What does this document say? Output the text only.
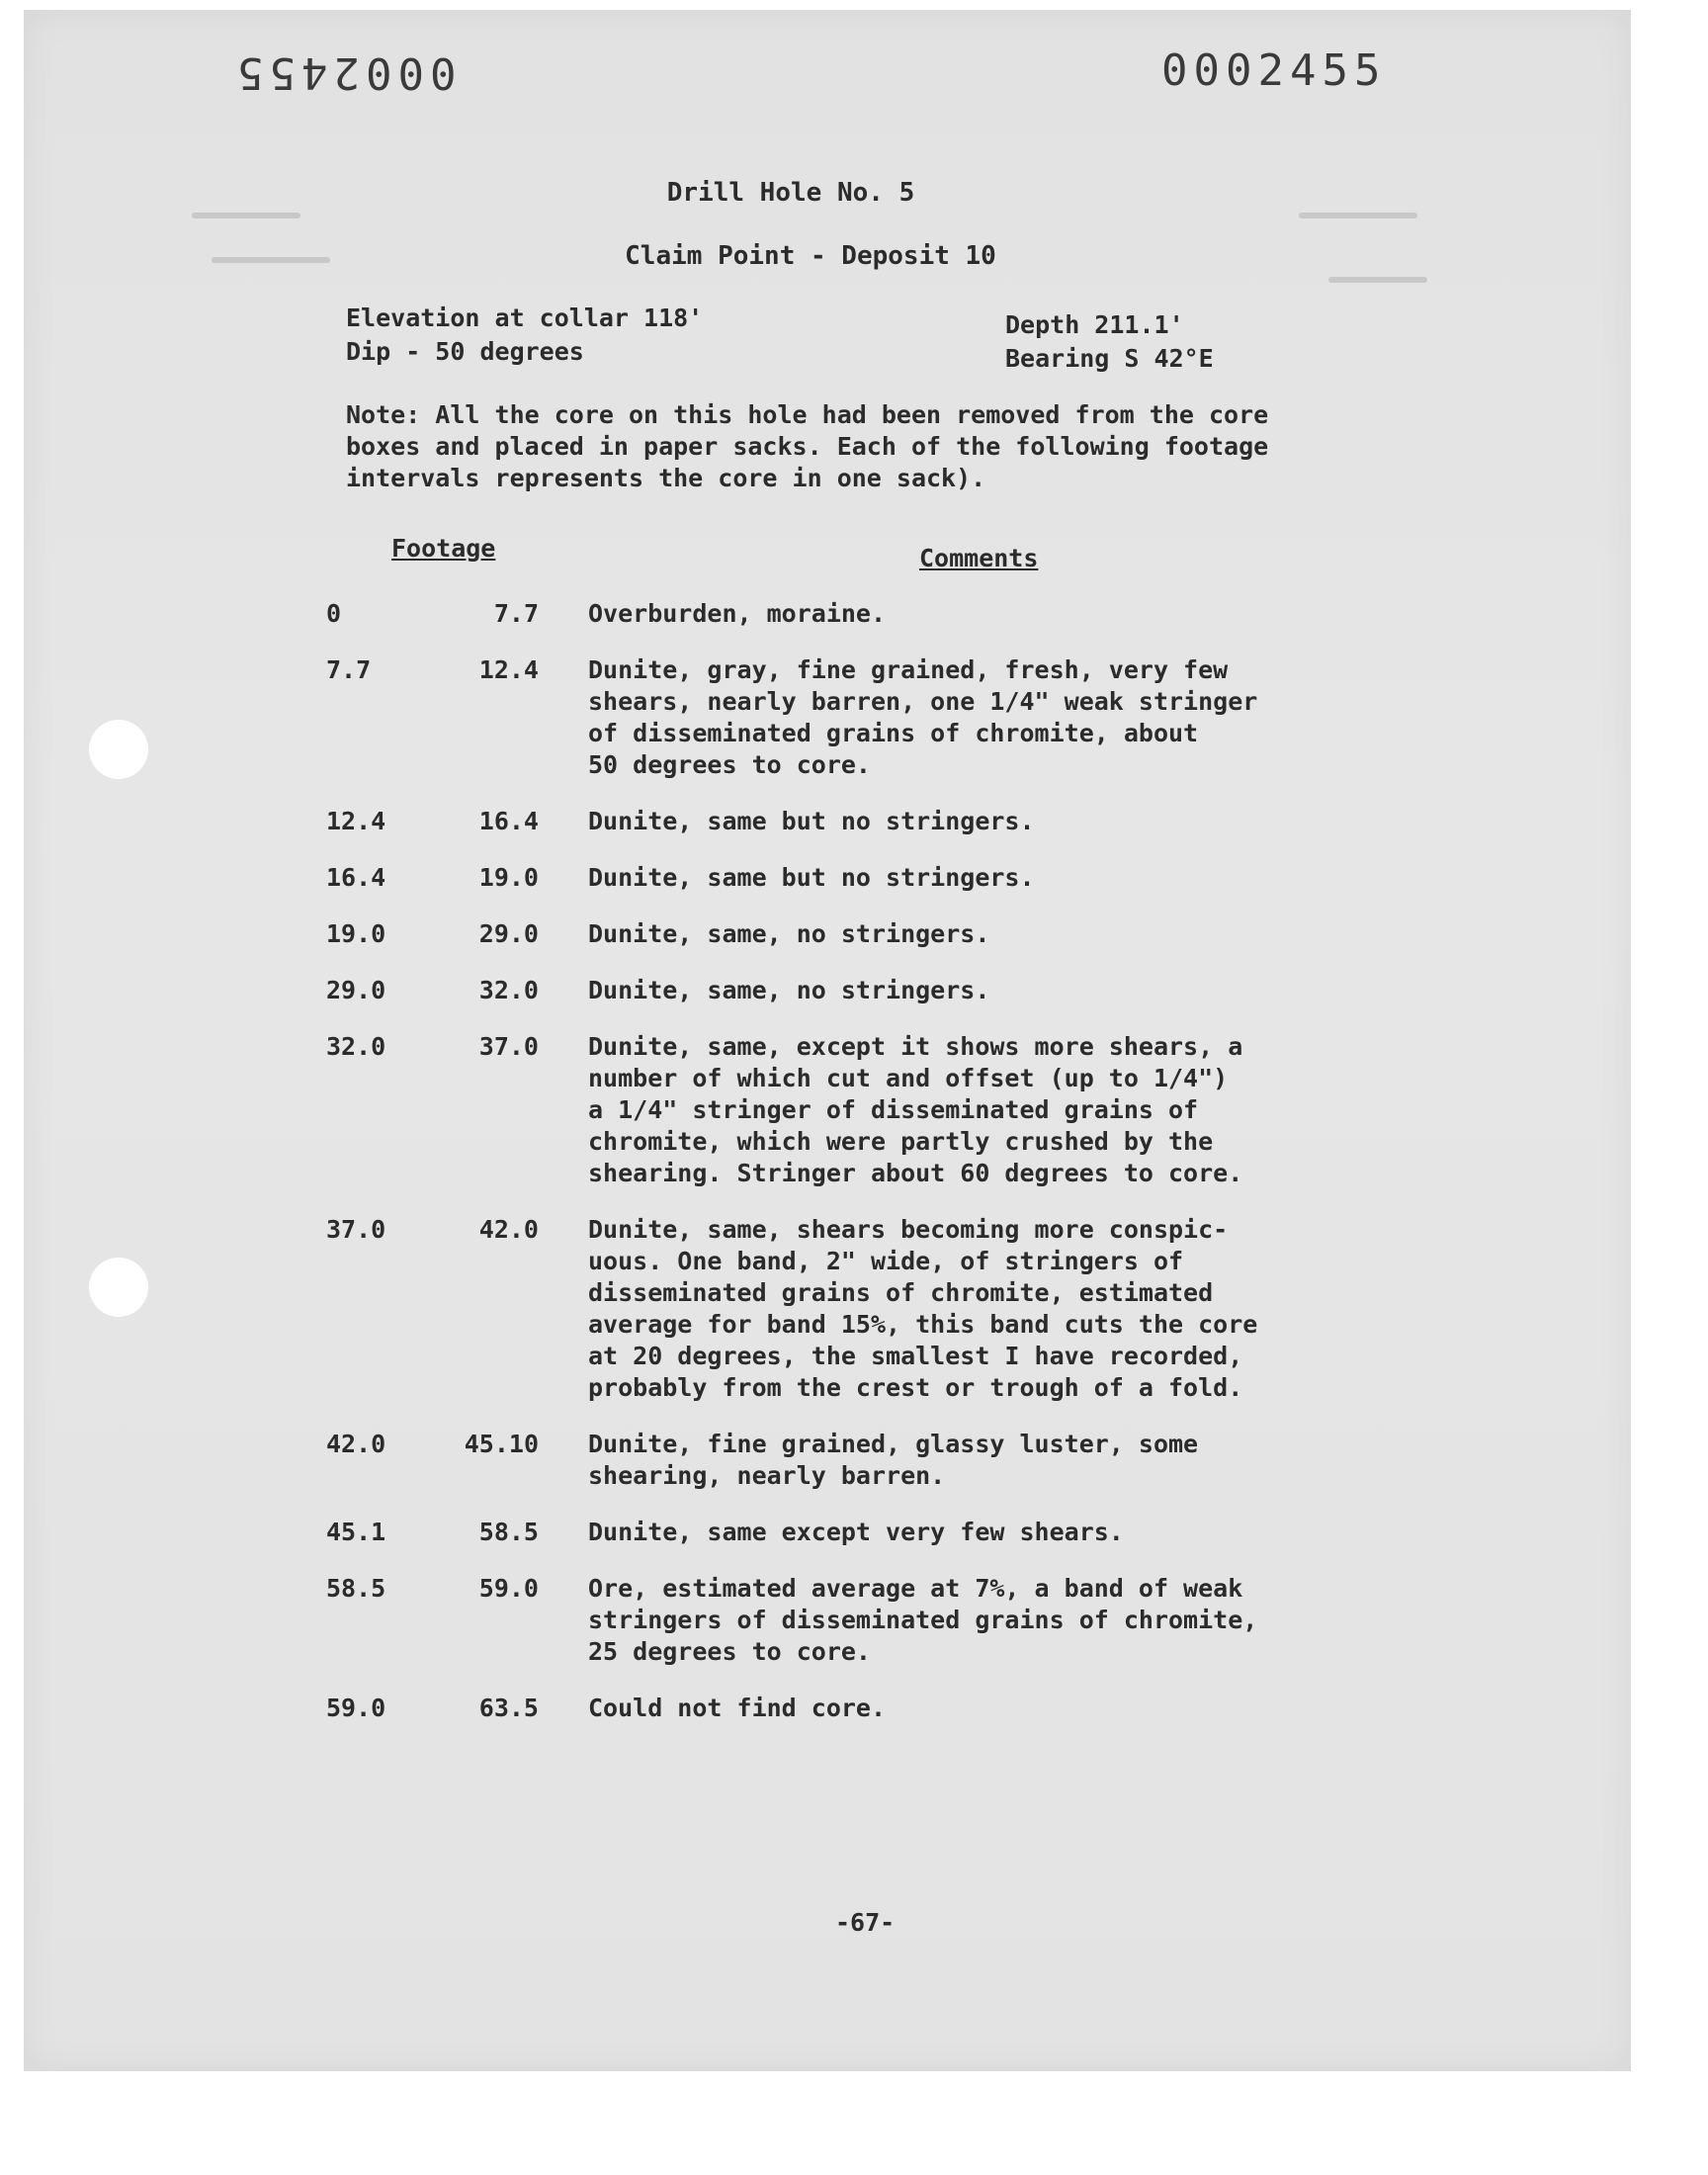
0002455	0002455
Drill Hole No. 5
Claim Point - Deposit 10
Elevation at collar 118'
Dip - 50 degrees
Depth 211.1'
Bearing S 42°E
Note: All the core on this hole had been removed from the core
boxes and placed in paper sacks. Each of the following footage
intervals represents the core in one sack).
Footage	Comments
0	7.7	Overburden, moraine.
7.7	12.4	Dunite, gray, fine grained, fresh, very few
shears, nearly barren, one 1/4" weak stringer
of disseminated grains of chromite, about
50 degrees to core.
12.4	16.4	Dunite, same but no stringers.
16.4	19.0	Dunite, same but no stringers.
19.0	29.0	Dunite, same, no stringers.
29.0	32.0	Dunite, same, no stringers.
32.0	37.0	Dunite, same, except it shows more shears, a
number of which cut and offset (up to 1/4")
a 1/4" stringer of disseminated grains of
chromite, which were partly crushed by the
shearing. Stringer about 60 degrees to core.
37.0	42.0	Dunite, same, shears becoming more conspic-
uous. One band, 2" wide, of stringers of
disseminated grains of chromite, estimated
average for band 15%, this band cuts the core
at 20 degrees, the smallest I have recorded,
probably from the crest or trough of a fold.
42.0	45.10	Dunite, fine grained, glassy luster, some
shearing, nearly barren.
45.1	58.5	Dunite, same except very few shears.
58.5	59.0	Ore, estimated average at 7%, a band of weak
stringers of disseminated grains of chromite,
25 degrees to core.
59.0	63.5	Could not find core.
-67-
